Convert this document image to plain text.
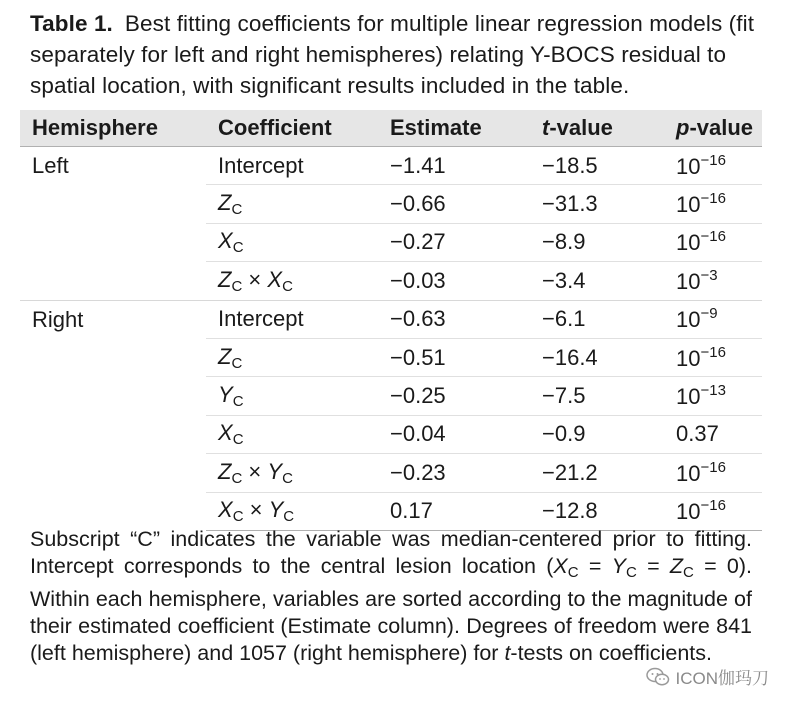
Table 1. Best fitting coefficients for multiple linear regression models (fit separately for left and right hemispheres) relating Y-BOCS residual to spatial location, with significant results included in the table.
Hemisphere	Coefficient	Estimate	t-value	p-value
Left	Intercept	−1.41	−18.5	$10^{-16}$
	$Z_C$	−0.66	−31.3	$10^{-16}$
	$X_C$	−0.27	−8.9	$10^{-16}$
	$Z_C \times X_C$	−0.03	−3.4	$10^{-3}$
Right	Intercept	−0.63	−6.1	$10^{-9}$
	$Z_C$	−0.51	−16.4	$10^{-16}$
	$Y_C$	−0.25	−7.5	$10^{-13}$
	$X_C$	−0.04	−0.9	0.37
	$Z_C \times Y_C$	−0.23	−21.2	$10^{-16}$
	$X_C \times Y_C$	0.17	−12.8	$10^{-16}$
Subscript “C” indicates the variable was median-centered prior to fitting. Intercept corresponds to the central lesion location $(X_C = Y_C = Z_C = 0)$. Within each hemisphere, variables are sorted according to the magnitude of their estimated coefficient (Estimate column). Degrees of freedom were 841 (left hemisphere) and 1057 (right hemisphere) for t-tests on coefficients.
ICON伽玛刀
